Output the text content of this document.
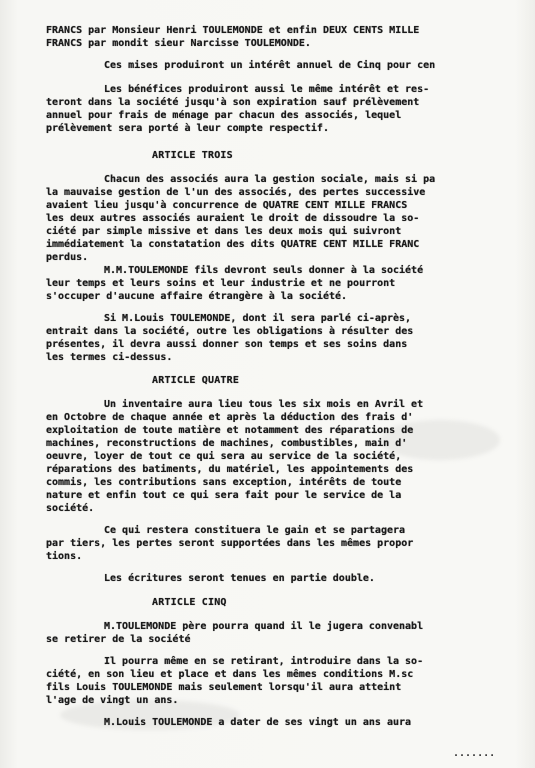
FRANCS par Monsieur Henri TOULEMONDE et enfin DEUX CENTS MILLE

FRANCS par mondit sieur Narcisse TOULEMONDE.

Ces mises produiront un intérêt annuel de Cinq pour cen

Les bénéfices produiront aussi le même intérêt et res-

teront dans la société jusqu'à son expiration sauf prélèvement

annuel pour frais de ménage par chacun des associés, lequel

prélèvement sera porté à leur compte respectif.

ARTICLE TROIS

Chacun des associés aura la gestion sociale, mais si pa

la mauvaise gestion de l'un des associés, des pertes successive

avaient lieu jusqu'à concurrence de QUATRE CENT MILLE FRANCS

les deux autres associés auraient le droit de dissoudre la so-

ciété par simple missive et dans les deux mois qui suivront

immédiatement la constatation des dits QUATRE CENT MILLE FRANC

perdus.

M.M.TOULEMONDE fils devront seuls donner à la société

leur temps et leurs soins et leur industrie et ne pourront

s'occuper d'aucune affaire étrangère à la société.

Si M.Louis TOULEMONDE, dont il sera parlé ci-après,

entrait dans la société, outre les obligations à résulter des

présentes, il devra aussi donner son temps et ses soins dans

les termes ci-dessus.

ARTICLE QUATRE

Un inventaire aura lieu tous les six mois en Avril et

en Octobre de chaque année et après la déduction des frais d'

exploitation de toute matière et notamment des réparations de

machines, reconstructions de machines, combustibles, main d'

oeuvre, loyer de tout ce qui sera au service de la société,

réparations des batiments, du matériel, les appointements des

commis, les contributions sans exception, intérêts de toute

nature et enfin tout ce qui sera fait pour le service de la

société.

Ce qui restera constituera le gain et se partagera

par tiers, les pertes seront supportées dans les mêmes propor

tions.

Les écritures seront tenues en partie double.

ARTICLE CINQ

M.TOULEMONDE père pourra quand il le jugera convenabl

se retirer de la société

Il pourra même en se retirant, introduire dans la so-

ciété, en son lieu et place et dans les mêmes conditions M.sc

fils Louis TOULEMONDE mais seulement lorsqu'il aura atteint

l'age de vingt un ans.

M.Louis TOULEMONDE a dater de ses vingt un ans aura

.......
